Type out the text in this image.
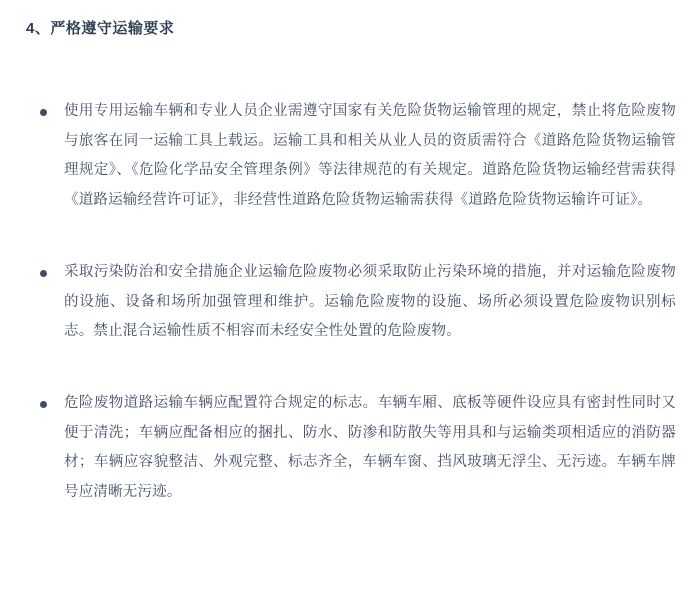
4、严格遵守运输要求
使用专用运输车辆和专业人员企业需遵守国家有关危险货物运输管理的规定，禁止将危险废物与旅客在同一运输工具上载运。运输工具和相关从业人员的资质需符合《道路危险货物运输管理规定》、《危险化学品安全管理条例》等法律规范的有关规定。道路危险货物运输经营需获得《道路运输经营许可证》，非经营性道路危险货物运输需获得《道路危险货物运输许可证》。
采取污染防治和安全措施企业运输危险废物必须采取防止污染环境的措施，并对运输危险废物的设施、设备和场所加强管理和维护。运输危险废物的设施、场所必须设置危险废物识别标志。禁止混合运输性质不相容而未经安全性处置的危险废物。
危险废物道路运输车辆应配置符合规定的标志。车辆车厢、底板等硬件设应具有密封性同时又便于清洗；车辆应配备相应的捆扎、防水、防渗和防散失等用具和与运输类项相适应的消防器材；车辆应容貌整洁、外观完整、标志齐全，车辆车窗、挡风玻璃无浮尘、无污迹。车辆车牌号应清晰无污迹。
